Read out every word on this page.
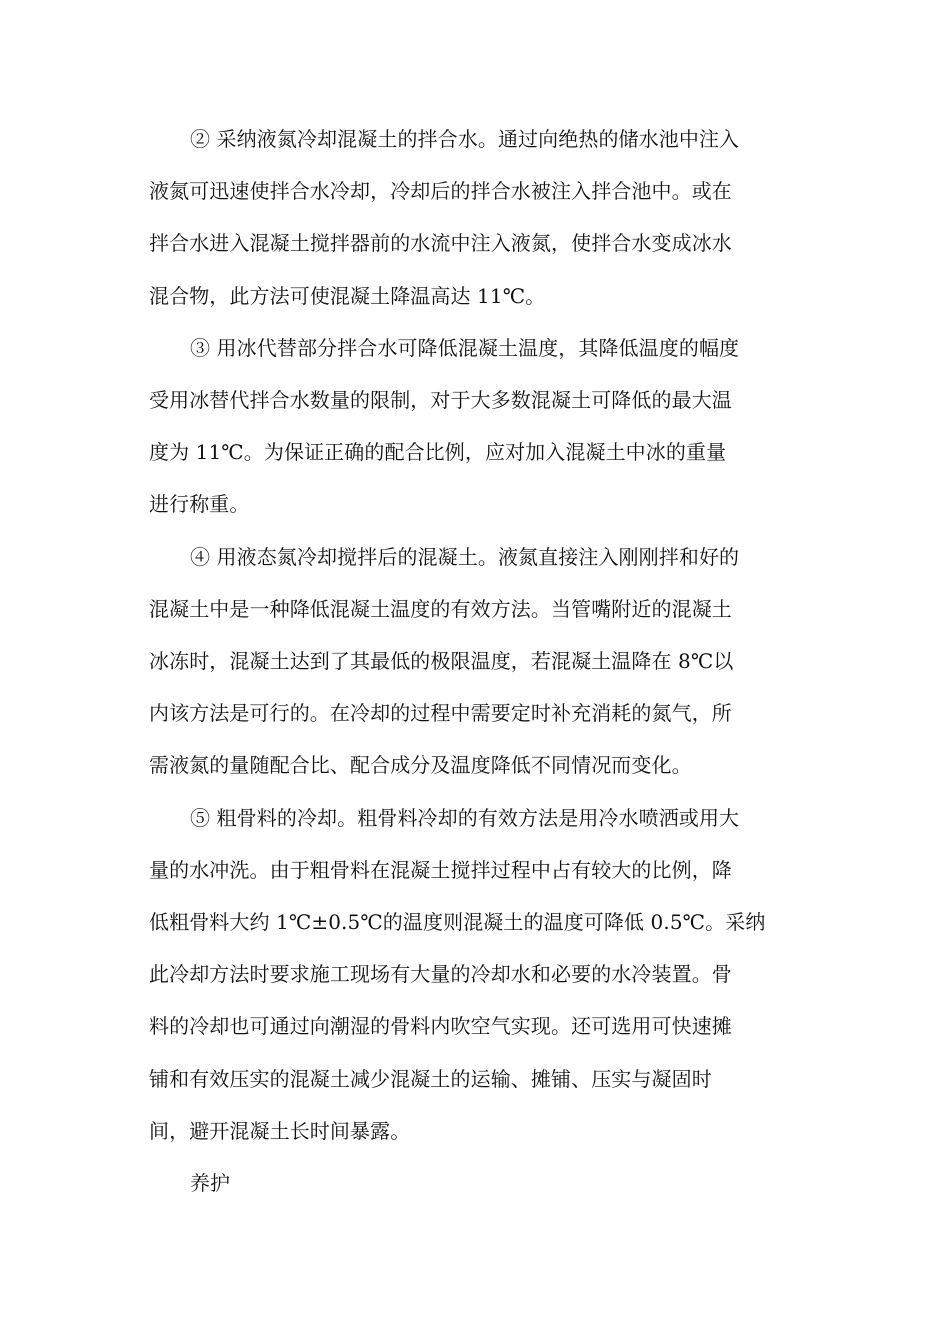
② 采纳液氮冷却混凝土的拌合水。通过向绝热的储水池中注入
液氮可迅速使拌合水冷却，冷却后的拌合水被注入拌合池中。或在
拌合水进入混凝土搅拌器前的水流中注入液氮，使拌合水变成冰水
混合物，此方法可使混凝土降温高达 11℃。

③ 用冰代替部分拌合水可降低混凝土温度，其降低温度的幅度
受用冰替代拌合水数量的限制，对于大多数混凝土可降低的最大温
度为 11℃。为保证正确的配合比例，应对加入混凝土中冰的重量
进行称重。

④ 用液态氮冷却搅拌后的混凝土。液氮直接注入刚刚拌和好的
混凝土中是一种降低混凝土温度的有效方法。当管嘴附近的混凝土
冰冻时，混凝土达到了其最低的极限温度，若混凝土温降在 8℃以
内该方法是可行的。在冷却的过程中需要定时补充消耗的氮气，所
需液氮的量随配合比、配合成分及温度降低不同情况而变化。

⑤ 粗骨料的冷却。粗骨料冷却的有效方法是用冷水喷洒或用大
量的水冲洗。由于粗骨料在混凝土搅拌过程中占有较大的比例，降
低粗骨料大约 1℃±0.5℃的温度则混凝土的温度可降低 0.5℃。采纳
此冷却方法时要求施工现场有大量的冷却水和必要的水冷装置。骨
料的冷却也可通过向潮湿的骨料内吹空气实现。还可选用可快速摊
铺和有效压实的混凝土减少混凝土的运输、摊铺、压实与凝固时
间，避开混凝土长时间暴露。

养护
